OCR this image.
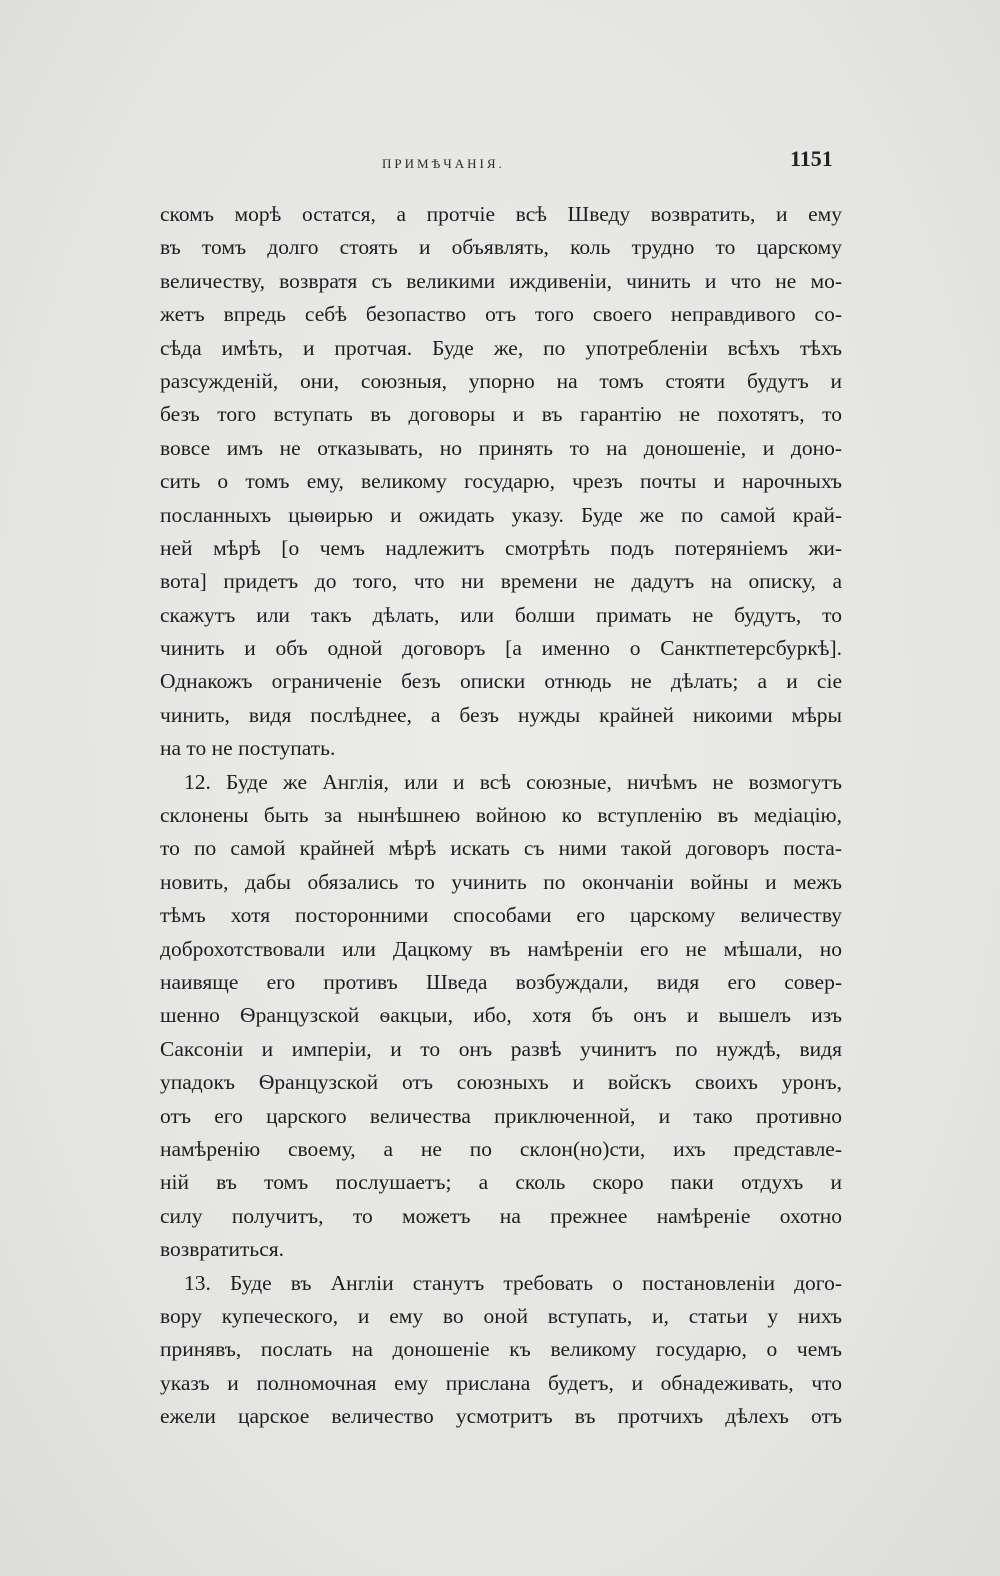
ПРИМѢЧАНІЯ.	1151
скомъ морѣ остатся, а протчіе всѣ Шведу возвратить, и ему
въ томъ долго стоять и объявлять, коль трудно то царскому
величеству, возвратя съ великими иждивеніи, чинить и что не мо-
жетъ впредь себѣ безопаство отъ того своего неправдивого со-
сѣда имѣть, и протчая. Буде же, по употребленіи всѣхъ тѣхъ
разсужденій, они, союзныя, упорно на томъ стояти будутъ и
безъ того вступать въ договоры и въ гарантію не похотятъ, то
вовсе имъ не отказывать, но принять то на доношеніе, и доно-
сить о томъ ему, великому государю, чрезъ почты и нарочныхъ
посланныхъ цыѳирью и ожидать указу. Буде же по самой край-
ней мѣрѣ [о чемъ надлежитъ смотрѣть подъ потеряніемъ жи-
вота] придетъ до того, что ни времени не дадутъ на описку, а
скажутъ или такъ дѣлать, или болши примать не будутъ, то
чинить и объ одной договоръ [а именно о Санктпетерсбуркѣ].
Однакожъ ограниченіе безъ описки отнюдь не дѣлать; а и сіе
чинить, видя послѣднее, а безъ нужды крайней никоими мѣры
на то не поступать.
12. Буде же Англія, или и всѣ союзные, ничѣмъ не возмогутъ
склонены быть за нынѣшнею войною ко вступленію въ медіацію,
то по самой крайней мѣрѣ искать съ ними такой договоръ поста-
новить, дабы обязались то учинить по окончаніи войны и межъ
тѣмъ хотя посторонними способами его царскому величеству
доброхотствовали или Дацкому въ намѣреніи его не мѣшали, но
наивяще его противъ Шведа возбуждали, видя его совер-
шенно Ѳранцузской ѳакцыи, ибо, хотя бъ онъ и вышелъ изъ
Саксоніи и имперіи, и то онъ развѣ учинитъ по нуждѣ, видя
упадокъ Ѳранцузской отъ союзныхъ и войскъ своихъ уронъ,
отъ его царского величества приключенной, и тако противно
намѣренію своему, а не по склон(но)сти, ихъ представле-
ній въ томъ послушаетъ; а сколь скоро паки отдухъ и
силу получитъ, то можетъ на прежнее намѣреніе охотно
возвратиться.
13. Буде въ Англіи станутъ требовать о постановленіи дого-
вору купеческого, и ему во оной вступать, и, статьи у нихъ
принявъ, послать на доношеніе къ великому государю, о чемъ
указъ и полномочная ему прислана будетъ, и обнадеживать, что
ежели царское величество усмотритъ въ протчихъ дѣлехъ отъ
